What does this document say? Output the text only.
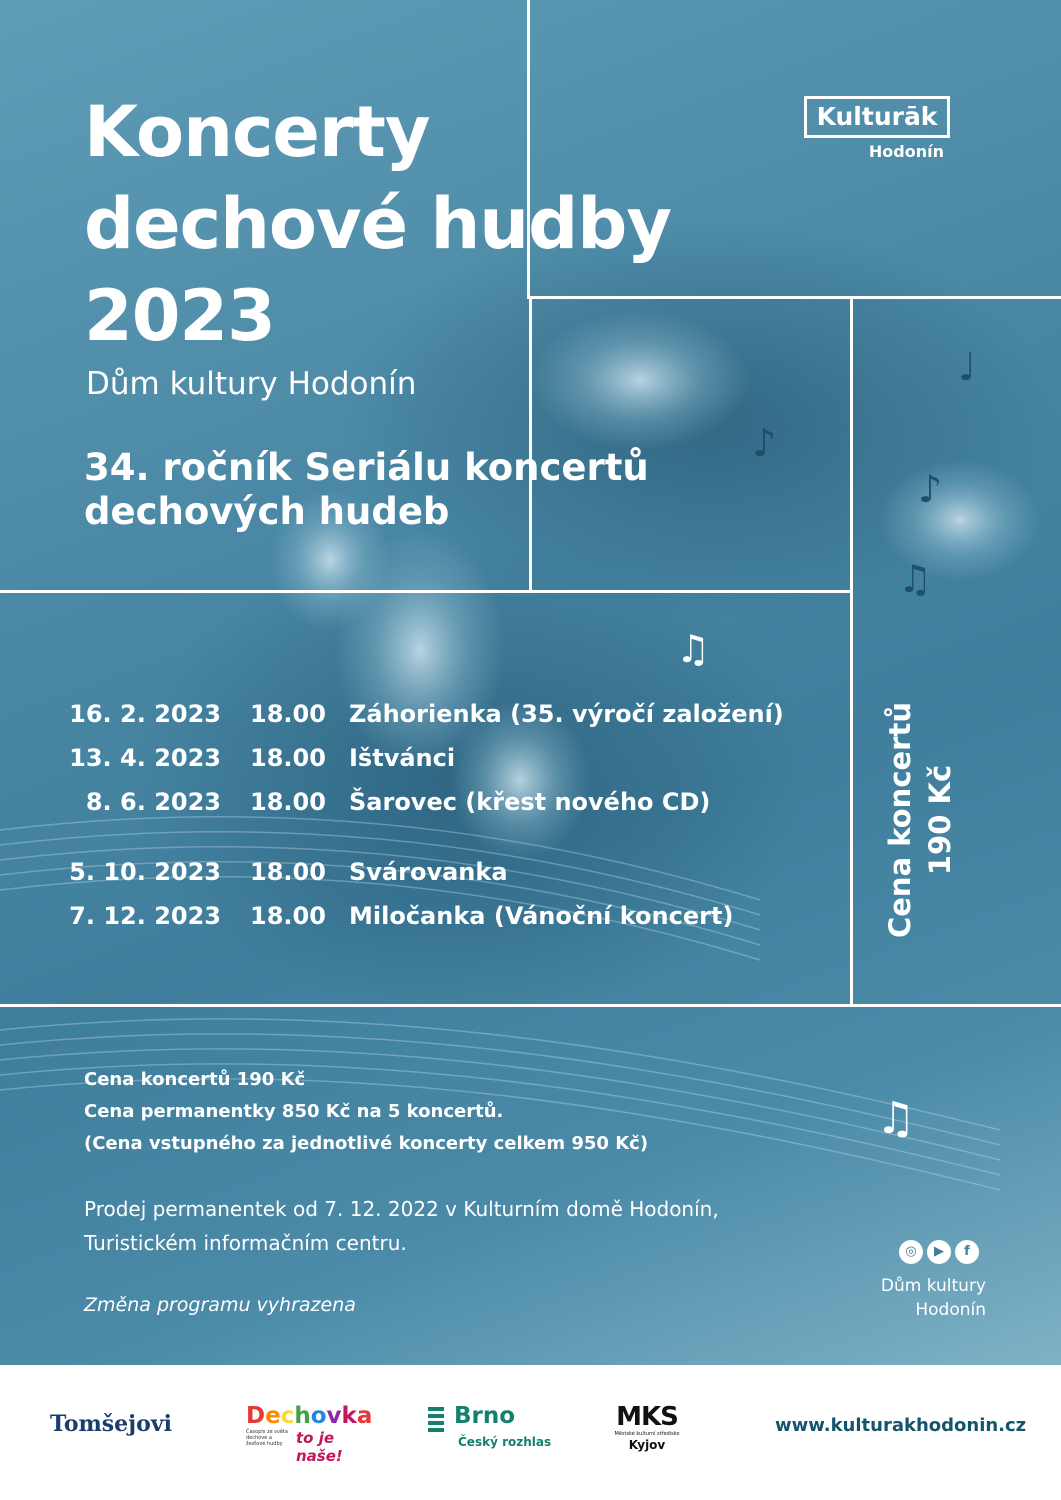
Koncerty
dechové hudby
2023
Dům kultury Hodonín
34. ročník Seriálu koncertů
dechových hudeb
Kulturāk
Hodonín
♩
♪
♪
♫
♫
♫
16. 2. 2023 18.00 Záhorienka (35. výročí založení)
13. 4. 2023 18.00 Ištvánci
8. 6. 2023 18.00 Šarovec (křest nového CD)
5. 10. 2023 18.00 Svárovanka
7. 12. 2023 18.00 Miločanka (Vánoční koncert)	Cena koncertů 190 Kč
Cena koncertů 190 Kč
Cena permanentky 850 Kč na 5 koncertů.
(Cena vstupného za jednotlivé koncerty celkem 950 Kč)
Prodej permanentek od 7. 12. 2022 v Kulturním domě Hodonín,
Turistickém informačním centru.
Změna programu vyhrazena
◎	▶	f
Dům kultury
Hodonín
Tomšejovi	Dechovka
Časopis ze světa dechové a žesťové hudby to je naše!
Brno
Český rozhlas
MKS
Městské kulturní středisko
Kyjov
www.kulturakhodonin.cz
